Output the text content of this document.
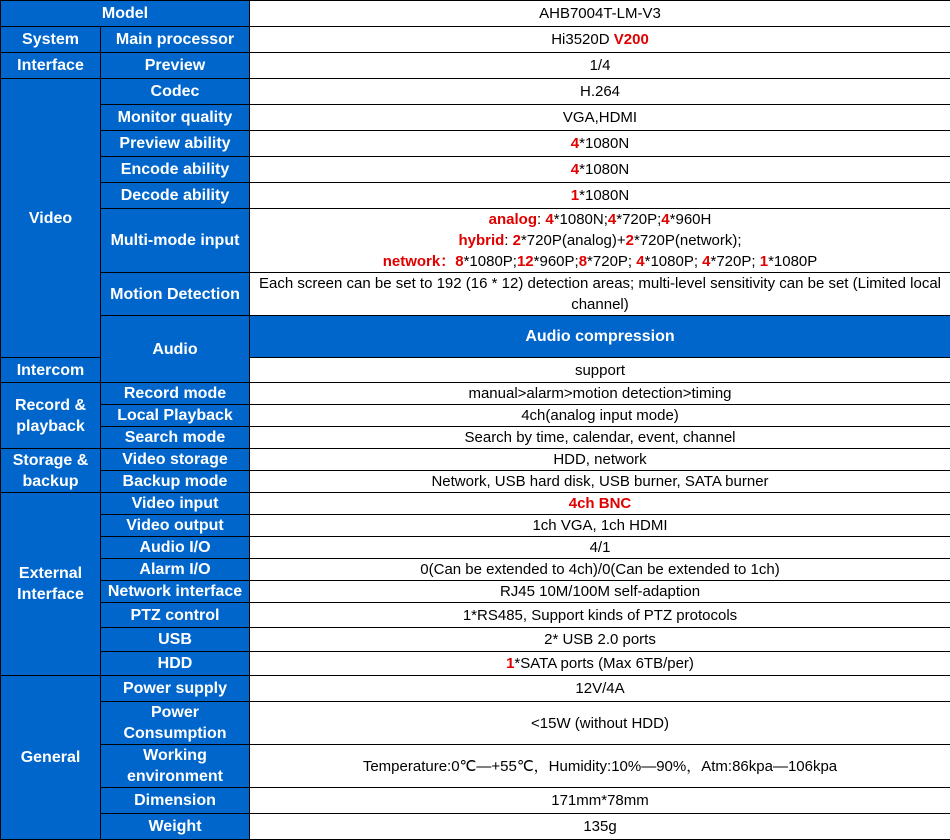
Model		AHB7004T-LM-V3	
System	Main processor	Hi3520D V200	
Interface	Preview	1/4	
Video	Codec	H.264	
	Monitor quality	VGA,HDMI	
	Preview ability	4*1080N	
	Encode ability	4*1080N	
	Decode ability	1*1080N	
	Multi-mode input	analog: 4*1080N;4*720P;4*960H
hybrid: 2*720P(analog)+2*720P(network);
network：8*1080P;12*960P;8*720P; 4*1080P; 4*720P; 1*1080P	

	Motion Detection	Each screen can be set to 192 (16 * 12) detection areas; multi-level sensitivity can be set (Limited local channel)	
	Audio	Audio compression	
Intercom		support	
Record & playback	Record mode	manual>alarm>motion detection>timing	
	Local Playback	4ch(analog input mode)	
	Search mode	Search by time, calendar, event, channel	
Storage & backup	Video storage	HDD, network	
	Backup mode	Network, USB hard disk, USB burner, SATA burner	
External Interface	Video input	4ch BNC	
	Video output	1ch VGA, 1ch HDMI	
	Audio I/O	4/1	
	Alarm I/O	0(Can be extended to 4ch)/0(Can be extended to 1ch)	
	Network interface	RJ45 10M/100M self-adaption	
	PTZ control	1*RS485, Support kinds of PTZ protocols	
	USB	2* USB 2.0 ports	
	HDD	1*SATA ports (Max 6TB/per)	
General	Power supply	12V/4A	
	Power Consumption	<15W (without HDD)	
	Working environment	Temperature:0℃—+55℃，Humidity:10%—90%，Atm:86kpa—106kpa	
	Dimension	171mm*78mm	
	Weight	135g	
